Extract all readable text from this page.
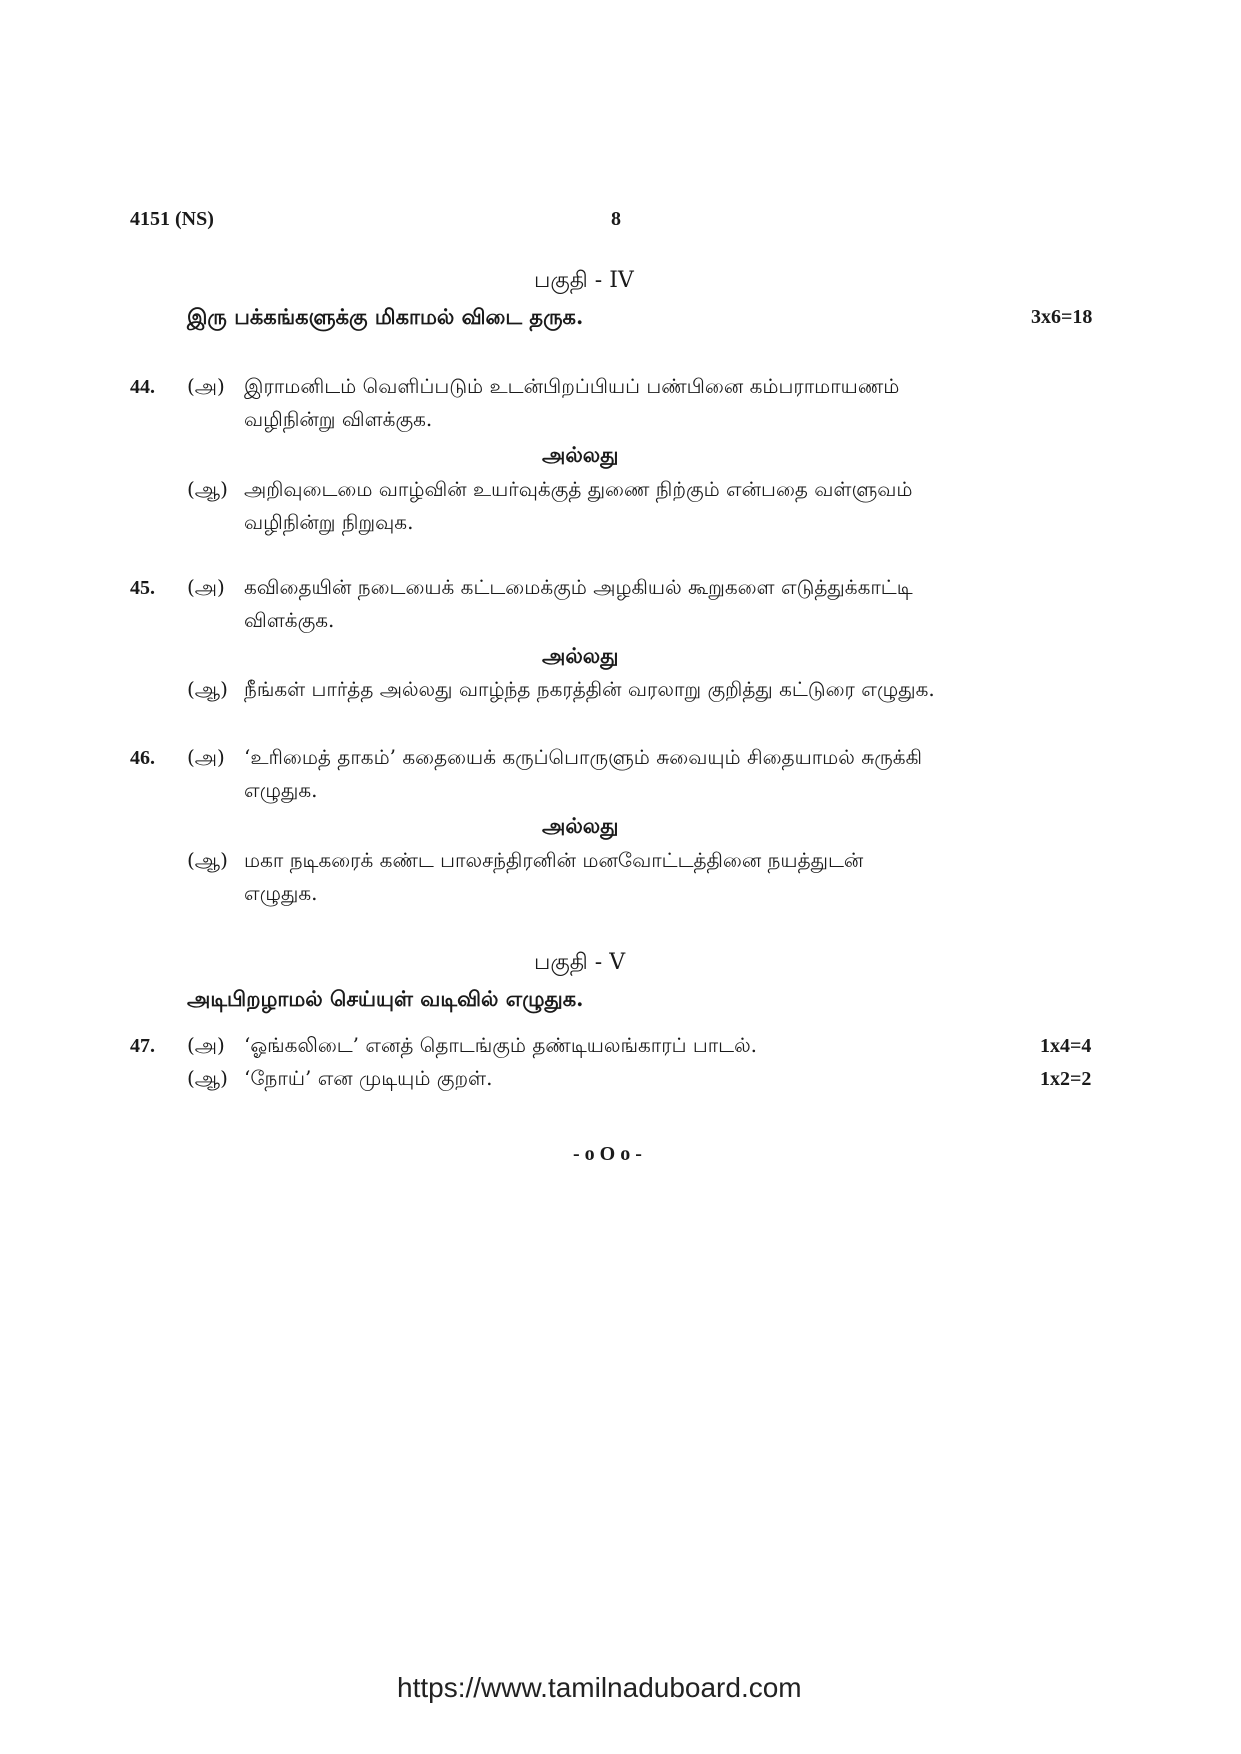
4151 (NS)	8
பகுதி - IV
இரு பக்கங்களுக்கு மிகாமல் விடை தருக.	3x6=18
44. (அ) இராமனிடம் வெளிப்படும் உடன்பிறப்பியப் பண்பினை கம்பராமாயணம்
வழிநின்று விளக்குக.
அல்லது
(ஆ) அறிவுடைமை வாழ்வின் உயர்வுக்குத் துணை நிற்கும் என்பதை வள்ளுவம்
வழிநின்று நிறுவுக.
45. (அ) கவிதையின் நடையைக் கட்டமைக்கும் அழகியல் கூறுகளை எடுத்துக்காட்டி
விளக்குக.
அல்லது
(ஆ) நீங்கள் பார்த்த அல்லது வாழ்ந்த நகரத்தின் வரலாறு குறித்து கட்டுரை எழுதுக.
46. (அ) ‘உரிமைத் தாகம்’ கதையைக் கருப்பொருளும் சுவையும் சிதையாமல் சுருக்கி
எழுதுக.
அல்லது
(ஆ) மகா நடிகரைக் கண்ட பாலசந்திரனின் மனவோட்டத்தினை நயத்துடன்
எழுதுக.
பகுதி - V
அடிபிறழாமல் செய்யுள் வடிவில் எழுதுக.
47. (அ) ‘ஓங்கலிடை’ எனத் தொடங்கும் தண்டியலங்காரப் பாடல்.	1x4=4
(ஆ) ‘நோய்’ என முடியும் குறள்.	1x2=2
- o O o -
https://www.tamilnaduboard.com
